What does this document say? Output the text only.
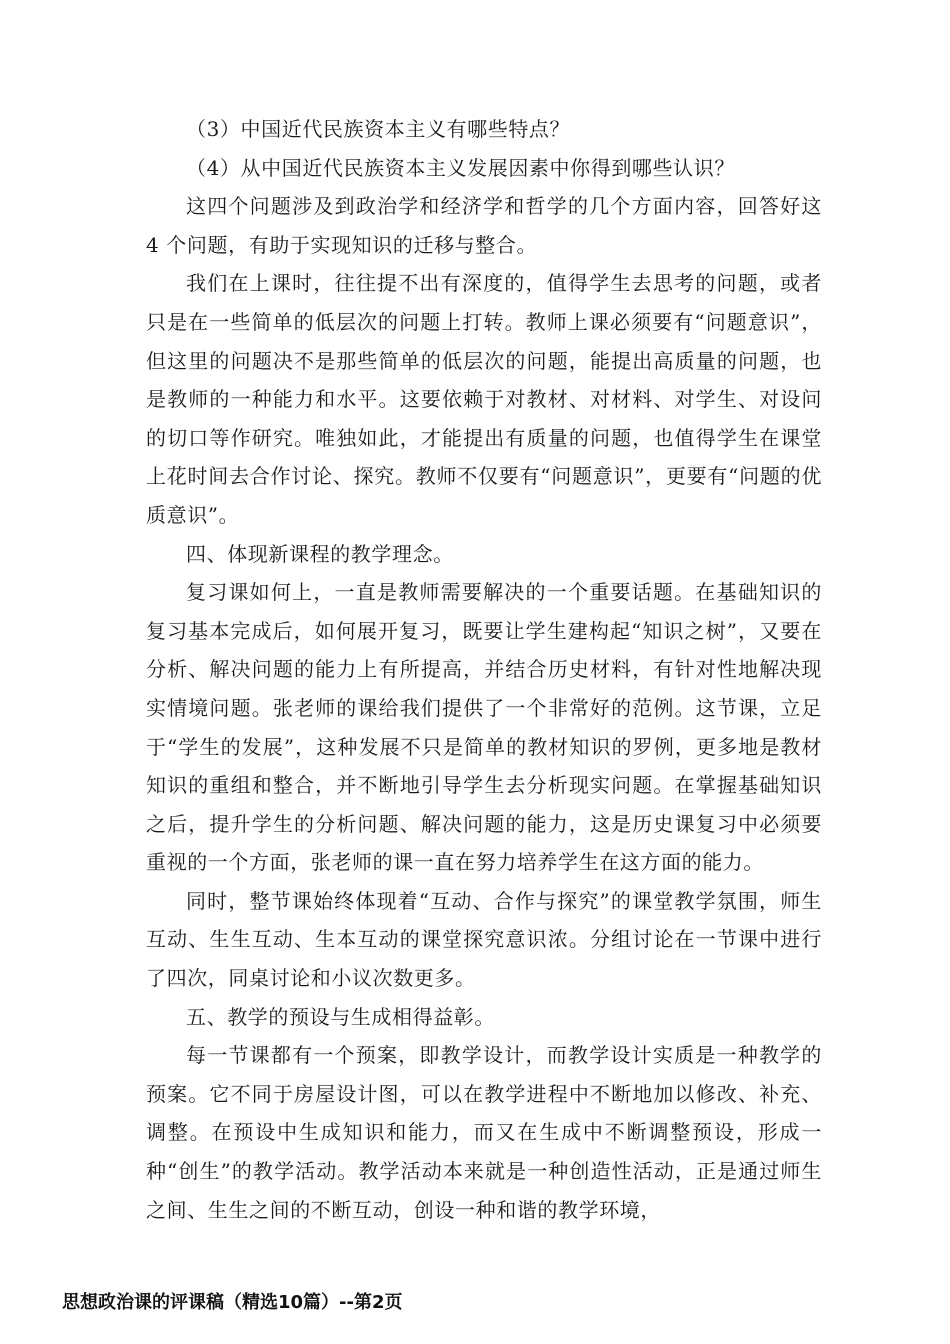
（3）中国近代民族资本主义有哪些特点？

（4）从中国近代民族资本主义发展因素中你得到哪些认识？

这四个问题涉及到政治学和经济学和哲学的几个方面内容，回答好这 4 个问题，有助于实现知识的迁移与整合。

我们在上课时，往往提不出有深度的，值得学生去思考的问题，或者只是在一些简单的低层次的问题上打转。教师上课必须要有“问题意识”，但这里的问题决不是那些简单的低层次的问题，能提出高质量的问题，也是教师的一种能力和水平。这要依赖于对教材、对材料、对学生、对设问的切口等作研究。唯独如此，才能提出有质量的问题，也值得学生在课堂上花时间去合作讨论、探究。教师不仅要有“问题意识”，更要有“问题的优质意识”。

四、体现新课程的教学理念。

复习课如何上，一直是教师需要解决的一个重要话题。在基础知识的复习基本完成后，如何展开复习，既要让学生建构起“知识之树”，又要在分析、解决问题的能力上有所提高，并结合历史材料，有针对性地解决现实情境问题。张老师的课给我们提供了一个非常好的范例。这节课，立足于“学生的发展”，这种发展不只是简单的教材知识的罗例，更多地是教材知识的重组和整合，并不断地引导学生去分析现实问题。在掌握基础知识之后，提升学生的分析问题、解决问题的能力，这是历史课复习中必须要重视的一个方面，张老师的课一直在努力培养学生在这方面的能力。

同时，整节课始终体现着“互动、合作与探究”的课堂教学氛围，师生互动、生生互动、生本互动的课堂探究意识浓。分组讨论在一节课中进行了四次，同桌讨论和小议次数更多。

五、教学的预设与生成相得益彰。

每一节课都有一个预案，即教学设计，而教学设计实质是一种教学的预案。它不同于房屋设计图，可以在教学进程中不断地加以修改、补充、调整。在预设中生成知识和能力，而又在生成中不断调整预设，形成一种“创生”的教学活动。教学活动本来就是一种创造性活动，正是通过师生之间、生生之间的不断互动，创设一种和谐的教学环境，

思想政治课的评课稿（精选10篇）--第2页
